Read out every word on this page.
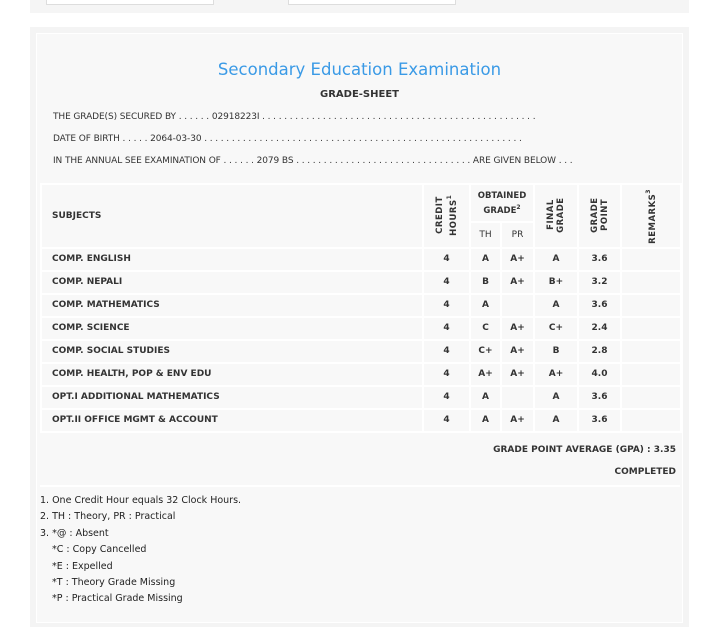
Secondary Education Examination
GRADE-SHEET
THE GRADE(S) SECURED BY . . . . . . 02918223I . . . . . . . . . . . . . . . . . . . . . . . . . . . . . . . . . . . . . . . . . . . . . . . . . .
DATE OF BIRTH . . . . . 2064-03-30 . . . . . . . . . . . . . . . . . . . . . . . . . . . . . . . . . . . . . . . . . . . . . . . . . . . . . . . . . .
IN THE ANNUAL SEE EXAMINATION OF . . . . . . 2079 BS . . . . . . . . . . . . . . . . . . . . . . . . . . . . . . . . ARE GIVEN BELOW . . .
SUBJECTS	CREDIT HOURS$^1$	OBTAINED GRADE$^2$		FINAL GRADE	GRADE POINT	REMARKS$^3$
		TH	PR			
COMP. ENGLISH	4	A	A+	A	3.6	
COMP. NEPALI	4	B	A+	B+	3.2	
COMP. MATHEMATICS	4	A		A	3.6	
COMP. SCIENCE	4	C	A+	C+	2.4	
COMP. SOCIAL STUDIES	4	C+	A+	B	2.8	
COMP. HEALTH, POP & ENV EDU	4	A+	A+	A+	4.0	
OPT.I ADDITIONAL MATHEMATICS	4	A		A	3.6	
OPT.II OFFICE MGMT & ACCOUNT	4	A	A+	A	3.6	
GRADE POINT AVERAGE (GPA) : 3.35
COMPLETED
1. One Credit Hour equals 32 Clock Hours.
2. TH : Theory, PR : Practical
3. *@ : Absent
*C : Copy Cancelled
*E : Expelled
*T : Theory Grade Missing
*P : Practical Grade Missing
